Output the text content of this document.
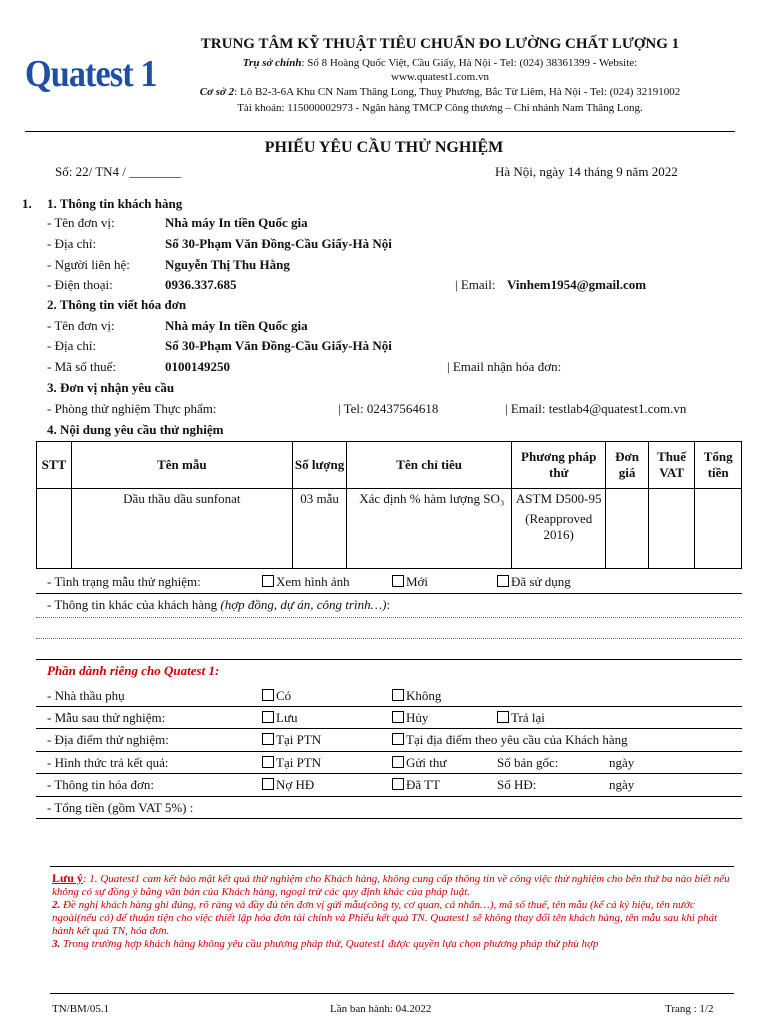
Quatest 1
TRUNG TÂM KỸ THUẬT TIÊU CHUẨN ĐO LƯỜNG CHẤT LƯỢNG 1
Trụ sở chính: Số 8 Hoàng Quốc Việt, Cầu Giấy, Hà Nội - Tel: (024) 38361399 - Website:
www.quatest1.com.vn
Cơ sở 2: Lô B2-3-6A Khu CN Nam Thăng Long, Thuỵ Phương, Bắc Từ Liêm, Hà Nội - Tel: (024) 32191002
Tài khoản: 115000002973 - Ngân hàng TMCP Công thương – Chi nhánh Nam Thăng Long.
PHIẾU YÊU CẦU THỬ NGHIỆM
Số: 22/ TN4 / ________	Hà Nội, ngày 14 tháng 9 năm 2022
1. 1. Thông tin khách hàng
- Tên đơn vị:	Nhà máy In tiền Quốc gia
- Địa chỉ:	Số 30-Phạm Văn Đồng-Cầu Giấy-Hà Nội
- Người liên hệ:	Nguyễn Thị Thu Hằng
- Điện thoại:	0936.337.685	| Email: Vinhem1954@gmail.com
2. Thông tin viết hóa đơn
- Tên đơn vị:	Nhà máy In tiền Quốc gia
- Địa chỉ:	Số 30-Phạm Văn Đồng-Cầu Giấy-Hà Nội
- Mã số thuế:	0100149250	| Email nhận hóa đơn:
3. Đơn vị nhận yêu cầu
- Phòng thử nghiệm Thực phẩm:	| Tel: 02437564618	| Email: testlab4@quatest1.com.vn
4. Nội dung yêu cầu thử nghiệm
STT	Tên mẫu	Số lượng	Tên chỉ tiêu	Phương pháp thử	Đơn giá	Thuế VAT	Tổng tiền
	Dầu thầu dầu sunfonat	03 mẫu	Xác định % hàm lượng SO₃	ASTM D500-95
(Reapproved 2016)			

- Tình trạng mẫu thử nghiệm:	Xem hình ảnh	Mới	Đã sử dụng
- Thông tin khác của khách hàng (hợp đồng, dự án, công trình…):
Phần dành riêng cho Quatest 1:
- Nhà thầu phụ	Có	Không
- Mẫu sau thử nghiệm:	Lưu	Hủy	Trả lại
- Địa điểm thử nghiệm:	Tại PTN	Tại địa điểm theo yêu cầu của Khách hàng
- Hình thức trả kết quả:	Tại PTN	Gửi thư	Số bản gốc:	ngày
- Thông tin hóa đơn:	Nợ HĐ	Đã TT	Số HĐ:	ngày
- Tổng tiền (gồm VAT 5%) :
Lưu ý: 1. Quatest1 cam kết bảo mật kết quả thử nghiệm cho Khách hàng, không cung cấp thông tin về công việc thử nghiệm cho bên thứ ba nào biết nếu không có sự đồng ý bằng văn bản của Khách hàng, ngoại trừ các quy định khác của pháp luật.
2. Đề nghị khách hàng ghi đúng, rõ ràng và đầy đủ tên đơn vị gửi mẫu(công ty, cơ quan, cá nhân…), mã số thuế, tên mẫu (kể cả ký hiệu, tên nước ngoài(nếu có) để thuận tiện cho việc thiết lập hóa đơn tài chính và Phiếu kết quả TN. Quatest1 sẽ không thay đổi tên khách hàng, tên mẫu sau khi phát hành kết quả TN, hóa đơn.
3. Trong trường hợp khách hàng không yêu cầu phương pháp thử, Quatest1 được quyền lựa chọn phương pháp thử phù hợp
TN/BM/05.1	Lần ban hành: 04.2022	Trang : 1/2
